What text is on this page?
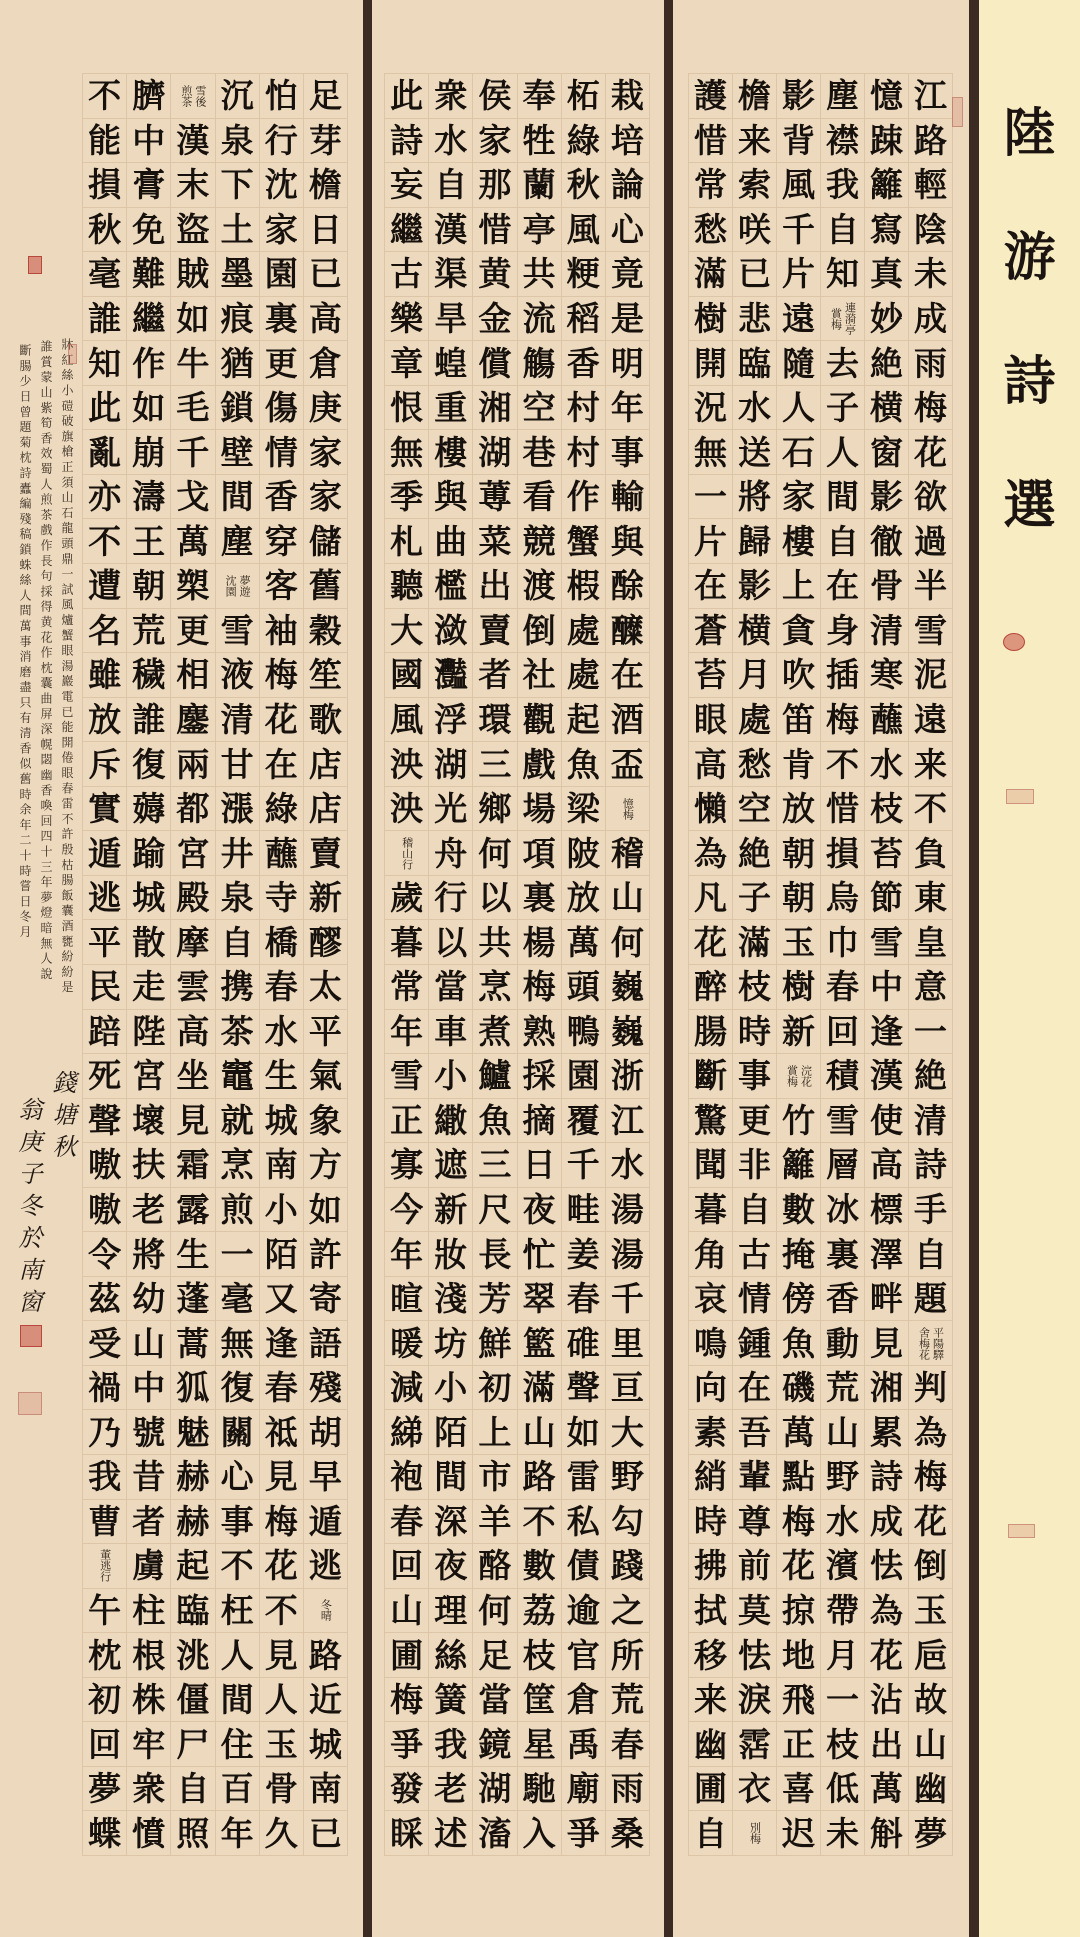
陸
游
詩
選
江
路
輕
陰
未
成
雨
梅
花
欲
過
半
雪
泥
遠
来
不
負
東
皇
意
一
絶
清
詩
手
自
題
平陽驛
舍梅花
判
為
梅
花
倒
玉
巵
故
山
幽
夢
憶
踈
籬
寫
真
妙
絶
横
窗
影
徹
骨
清
寒
蘸
水
枝
苔
節
雪
中
逢
漢
使
高
標
澤
畔
見
湘
累
詩
成
怯
為
花
沾
出
萬
斛
塵
襟
我
自
知
連漪亭
賞梅
去
子
人
間
自
在
身
插
梅
不
惜
損
烏
巾
春
回
積
雪
層
冰
裏
香
動
荒
山
野
水
濱
帶
月
一
枝
低
未
影
背
風
千
片
遠
隨
人
石
家
樓
上
貪
吹
笛
肯
放
朝
朝
玉
樹
新
浣花
賞梅
竹
籬
數
掩
傍
魚
磯
萬
點
梅
花
掠
地
飛
正
喜
迟
檐
来
索
咲
已
悲
臨
水
送
將
歸
影
横
月
處
愁
空
絶
子
滿
枝
時
事
更
非
自
古
情
鍾
在
吾
輩
尊
前
莫
怯
淚
霑
衣
別梅
護
惜
常
愁
滿
樹
開
況
無
一
片
在
蒼
苔
眼
高
懶
為
凡
花
醉
腸
斷
驚
聞
暮
角
哀
鳴
向
素
綃
時
拂
拭
移
来
幽
圃
自
栽
培
論
心
竟
是
明
年
事
輸
與
酴
醾
在
酒
盃
憶梅
稽
山
何
巍
巍
浙
江
水
湯
湯
千
里
亘
大
野
勾
踐
之
所
荒
春
雨
桑
柘
綠
秋
風
粳
稻
香
村
村
作
蟹
椵
處
處
起
魚
梁
陂
放
萬
頭
鴨
園
覆
千
畦
姜
春
碓
聲
如
雷
私
債
逾
官
倉
禹
廟
爭
奉
牲
蘭
亭
共
流
觴
空
巷
看
競
渡
倒
社
觀
戲
場
項
裏
楊
梅
熟
採
摘
日
夜
忙
翠
籃
滿
山
路
不
數
荔
枝
筐
星
馳
入
侯
家
那
惜
黄
金
償
湘
湖
蒪
菜
出
賣
者
環
三
鄉
何
以
共
烹
煮
鱸
魚
三
尺
長
芳
鮮
初
上
市
羊
酪
何
足
當
鏡
湖
滀
衆
水
自
漢
渠
旱
蝗
重
樓
與
曲
檻
潋
灩
浮
湖
光
舟
行
以
當
車
小
繖
遮
新
妝
淺
坊
小
陌
間
深
夜
理
絲
簧
我
老
述
此
詩
妄
繼
古
樂
章
恨
無
季
札
聽
大
國
風
泱
泱
稽山行
歲
暮
常
年
雪
正
寡
今
年
暄
暖
減
綈
袍
春
回
山
圃
梅
爭
發
睬
足
芽
檐
日
已
高
倉
庚
家
家
儲
舊
穀
笙
歌
店
店
賣
新
醪
太
平
氣
象
方
如
許
寄
語
殘
胡
早
遁
逃
冬晴
路
近
城
南
已
怕
行
沈
家
園
裏
更
傷
情
香
穿
客
袖
梅
花
在
綠
蘸
寺
橋
春
水
生
城
南
小
陌
又
逢
春
祗
見
梅
花
不
見
人
玉
骨
久
沉
泉
下
土
墨
痕
猶
鎖
壁
間
塵
夢遊
沈園
雪
液
清
甘
漲
井
泉
自
携
茶
竈
就
烹
煎
一
毫
無
復
關
心
事
不
枉
人
間
住
百
年
雪後
煎茶
漢
末
盜
賊
如
牛
毛
千
戈
萬
槊
更
相
鏖
兩
都
宮
殿
摩
雲
高
坐
見
霜
露
生
蓬
蒿
狐
魅
赫
赫
起
臨
洮
僵
尸
自
照
臍
中
膏
免
難
繼
作
如
崩
濤
王
朝
荒
穢
誰
復
薅
踰
城
散
走
陛
宮
壞
扶
老
將
幼
山
中
號
昔
者
虜
柱
根
株
牢
衆
憤
不
能
損
秋
毫
誰
知
此
亂
亦
不
遭
名
雖
放
斥
實
遁
逃
平
民
踣
死
聲
嗷
嗷
令
茲
受
禍
乃
我
曹
董逃行
午
枕
初
回
夢
蝶
牀紅絲小磑破旗槍正須山石龍頭鼎一試風爐蟹眼湯巖電已能開倦眼春雷不許殷枯腸飯囊酒甕紛紛是
誰賞蒙山紫筍香效蜀人煎茶戲作長句採得黄花作枕囊曲屏深幌閟幽香喚回四十三年夢燈暗無人說
斷腸少日曾題菊枕詩蠹編殘稿鎖蛛絲人間萬事消磨盡只有清香似舊時余年二十時嘗日冬月
錢塘秋
翁庚子冬於南窗
